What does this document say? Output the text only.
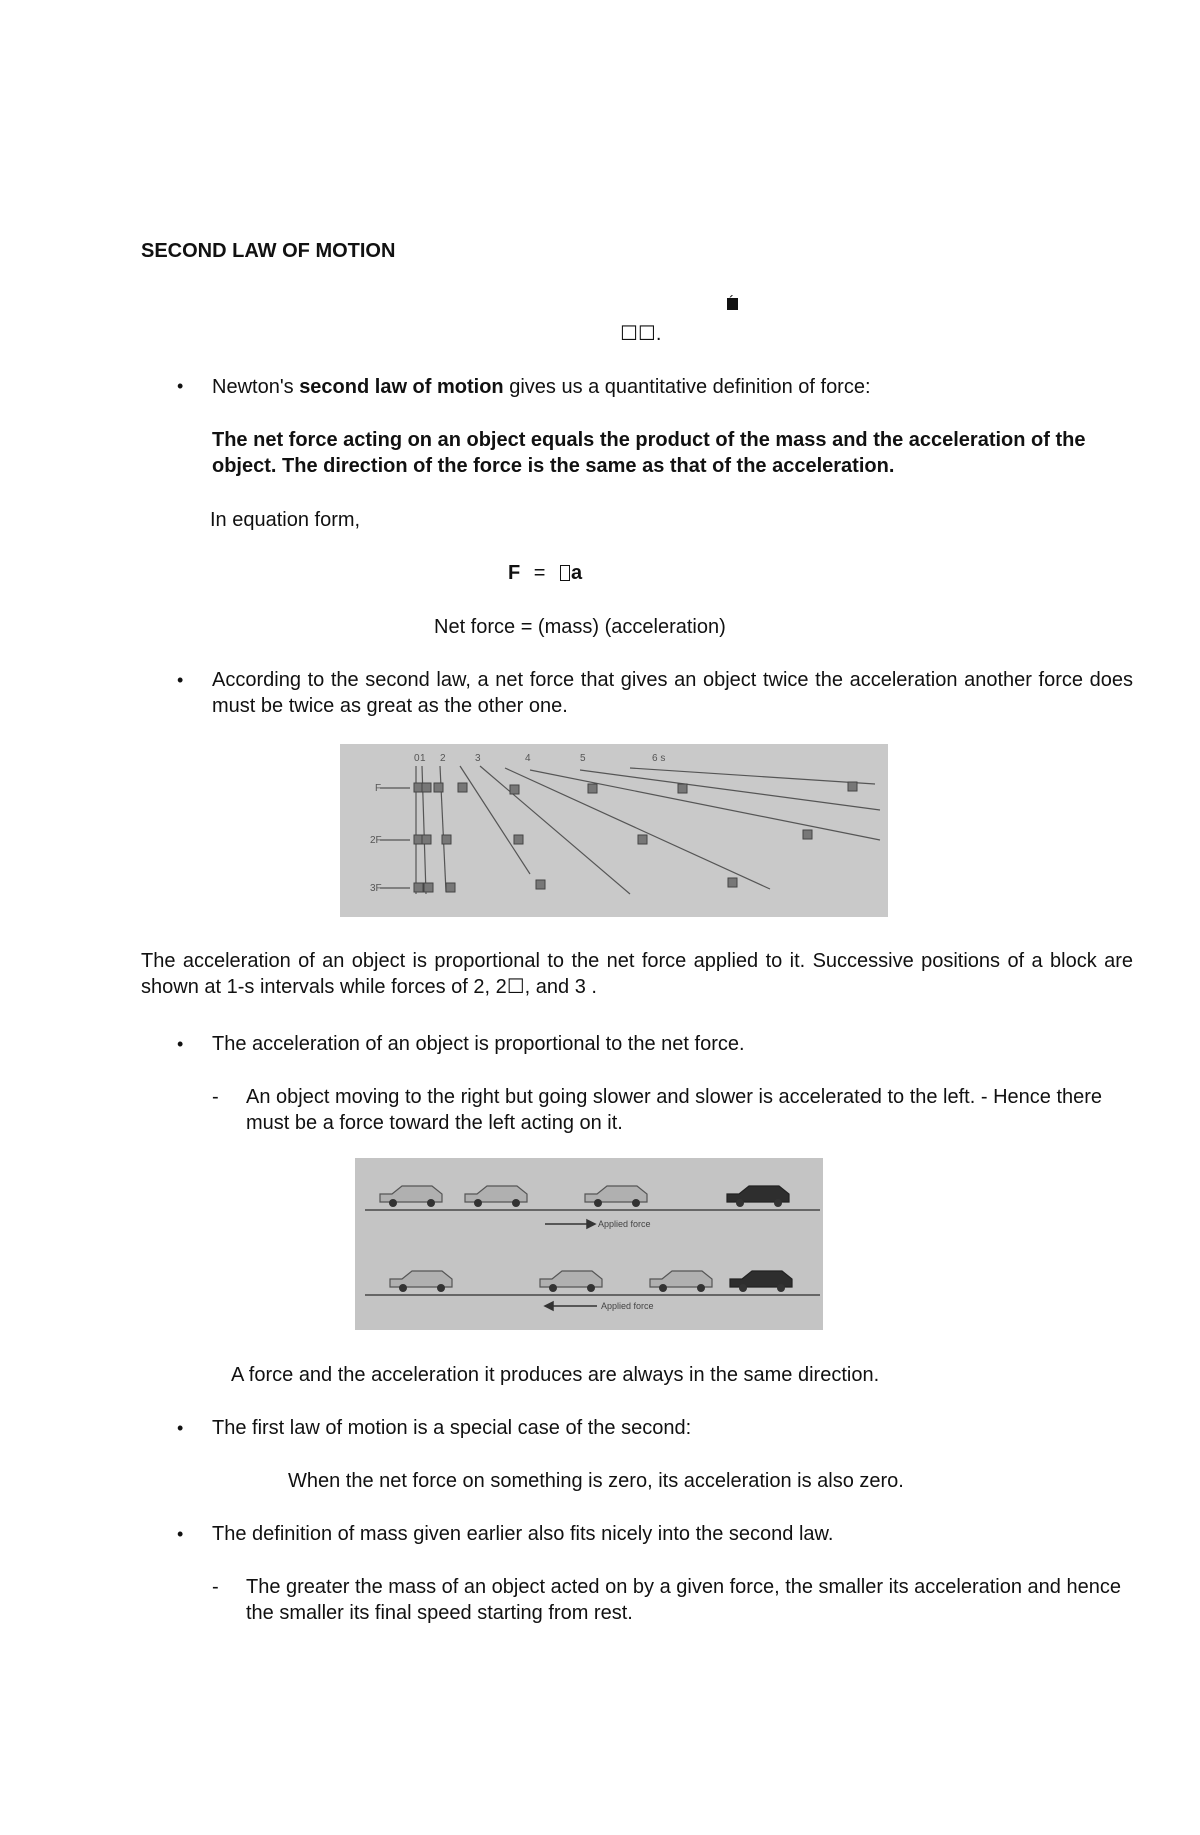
SECOND LAW OF MOTION
☐☐.
• Newton's second law of motion gives us a quantitative definition of force:
The net force acting on an object equals the product of the mass and the acceleration of the object. The direction of the force is the same as that of the acceleration.
In equation form,
F = a
Net force = (mass) (acceleration)
• According to the second law, a net force that gives an object twice the acceleration another force does must be twice as great as the other one.
0 1 2	3	4	5	6 s
F
2F
3F
The acceleration of an object is proportional to the net force applied to it. Successive positions of a block are shown at 1-s intervals while forces of 2, 2☐, and 3 .
• The acceleration of an object is proportional to the net force.
- An object moving to the right but going slower and slower is accelerated to the left. - Hence there must be a force toward the left acting on it.
Applied force
Applied force
A force and the acceleration it produces are always in the same direction.
• The first law of motion is a special case of the second:
When the net force on something is zero, its acceleration is also zero.
• The definition of mass given earlier also fits nicely into the second law.
- The greater the mass of an object acted on by a given force, the smaller its acceleration and hence the smaller its final speed starting from rest.
